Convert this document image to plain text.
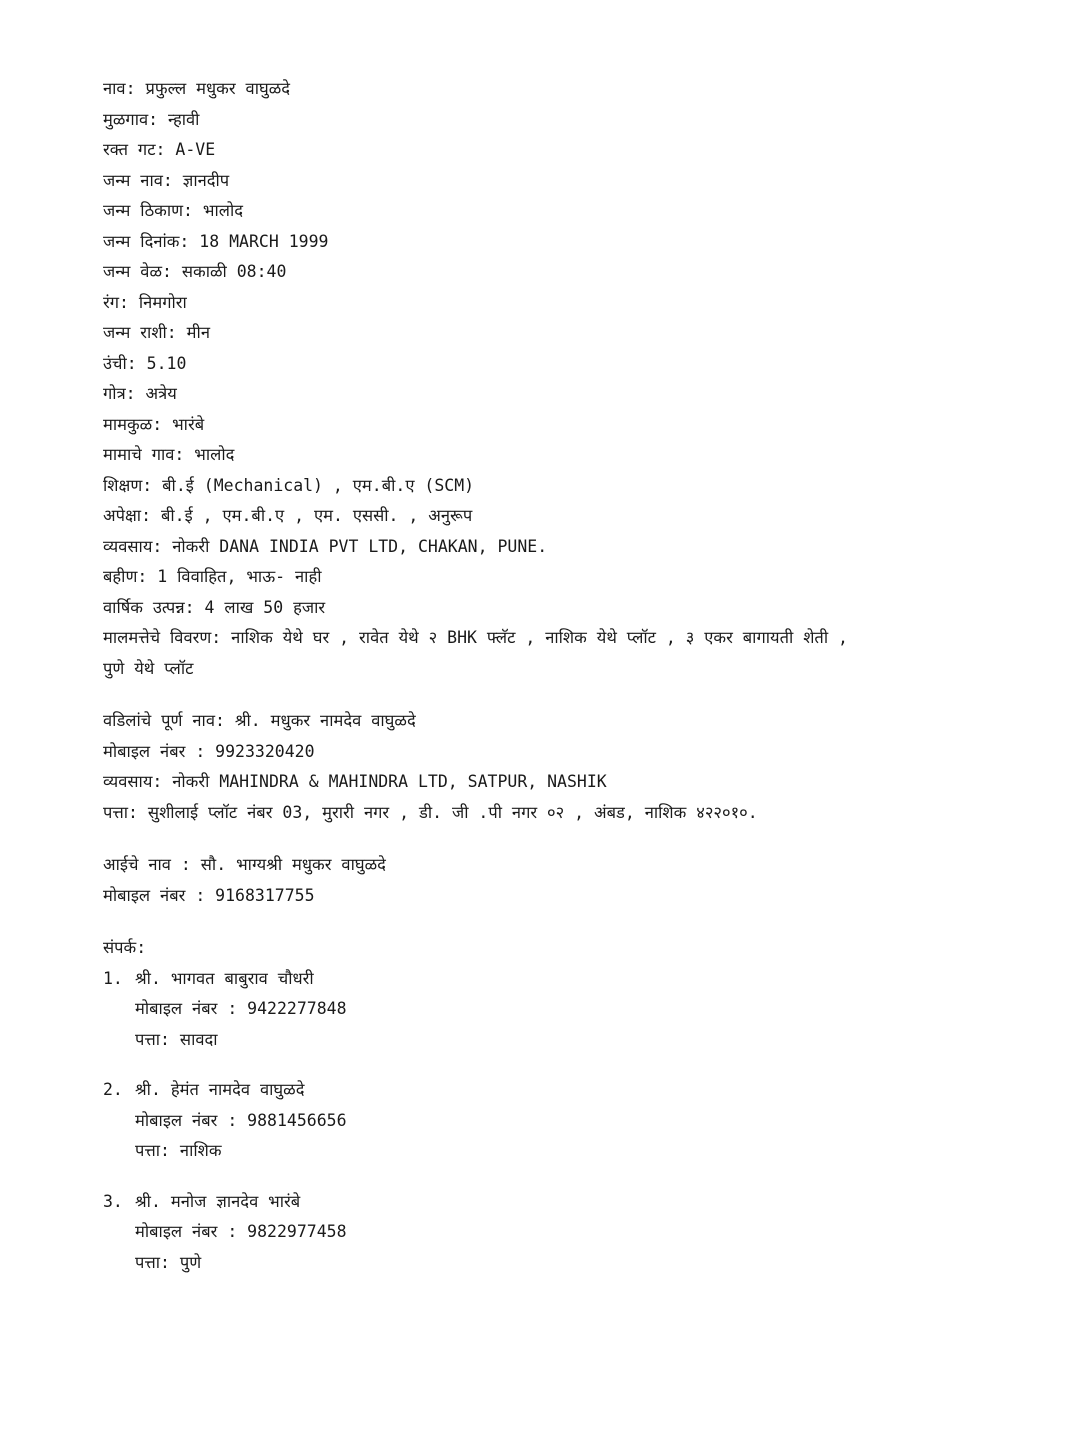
नाव: प्रफुल्ल मधुकर वाघुळदे
मुळगाव: न्हावी
रक्त गट: A-VE
जन्म नाव: ज्ञानदीप
जन्म ठिकाण: भालोद
जन्म दिनांक: 18 MARCH 1999
जन्म वेळ: सकाळी 08:40
रंग: निमगोरा
जन्म राशी: मीन
उंची: 5.10
गोत्र: अत्रेय
मामकुळ: भारंबे
मामाचे गाव: भालोद
शिक्षण: बी.ई (Mechanical) , एम.बी.ए (SCM)
अपेक्षा: बी.ई , एम.बी.ए , एम. एससी. , अनुरूप
व्यवसाय: नोकरी DANA INDIA PVT LTD, CHAKAN, PUNE.
बहीण: 1 विवाहित, भाऊ- नाही
वार्षिक उत्पन्न: 4 लाख 50 हजार
मालमत्तेचे विवरण: नाशिक येथे घर , रावेत येथे २ BHK फ्लॅट , नाशिक येथे प्लॉट , ३ एकर बागायती शेती ,
पुणे येथे प्लॉट
वडिलांचे पूर्ण नाव: श्री. मधुकर नामदेव वाघुळदे
मोबाइल नंबर : 9923320420
व्यवसाय: नोकरी MAHINDRA & MAHINDRA LTD, SATPUR, NASHIK
पत्ता: सुशीलाई प्लॉट नंबर 03, मुरारी नगर , डी. जी .पी नगर ०२ , अंबड, नाशिक ४२२०१०.
आईचे नाव : सौ. भाग्यश्री मधुकर वाघुळदे
मोबाइल नंबर : 9168317755
संपर्क:
1. श्री. भागवत बाबुराव चौधरी
मोबाइल नंबर : 9422277848
पत्ता: सावदा
2. श्री. हेमंत नामदेव वाघुळदे
मोबाइल नंबर : 9881456656
पत्ता: नाशिक
3. श्री. मनोज ज्ञानदेव भारंबे
मोबाइल नंबर : 9822977458
पत्ता: पुणे
